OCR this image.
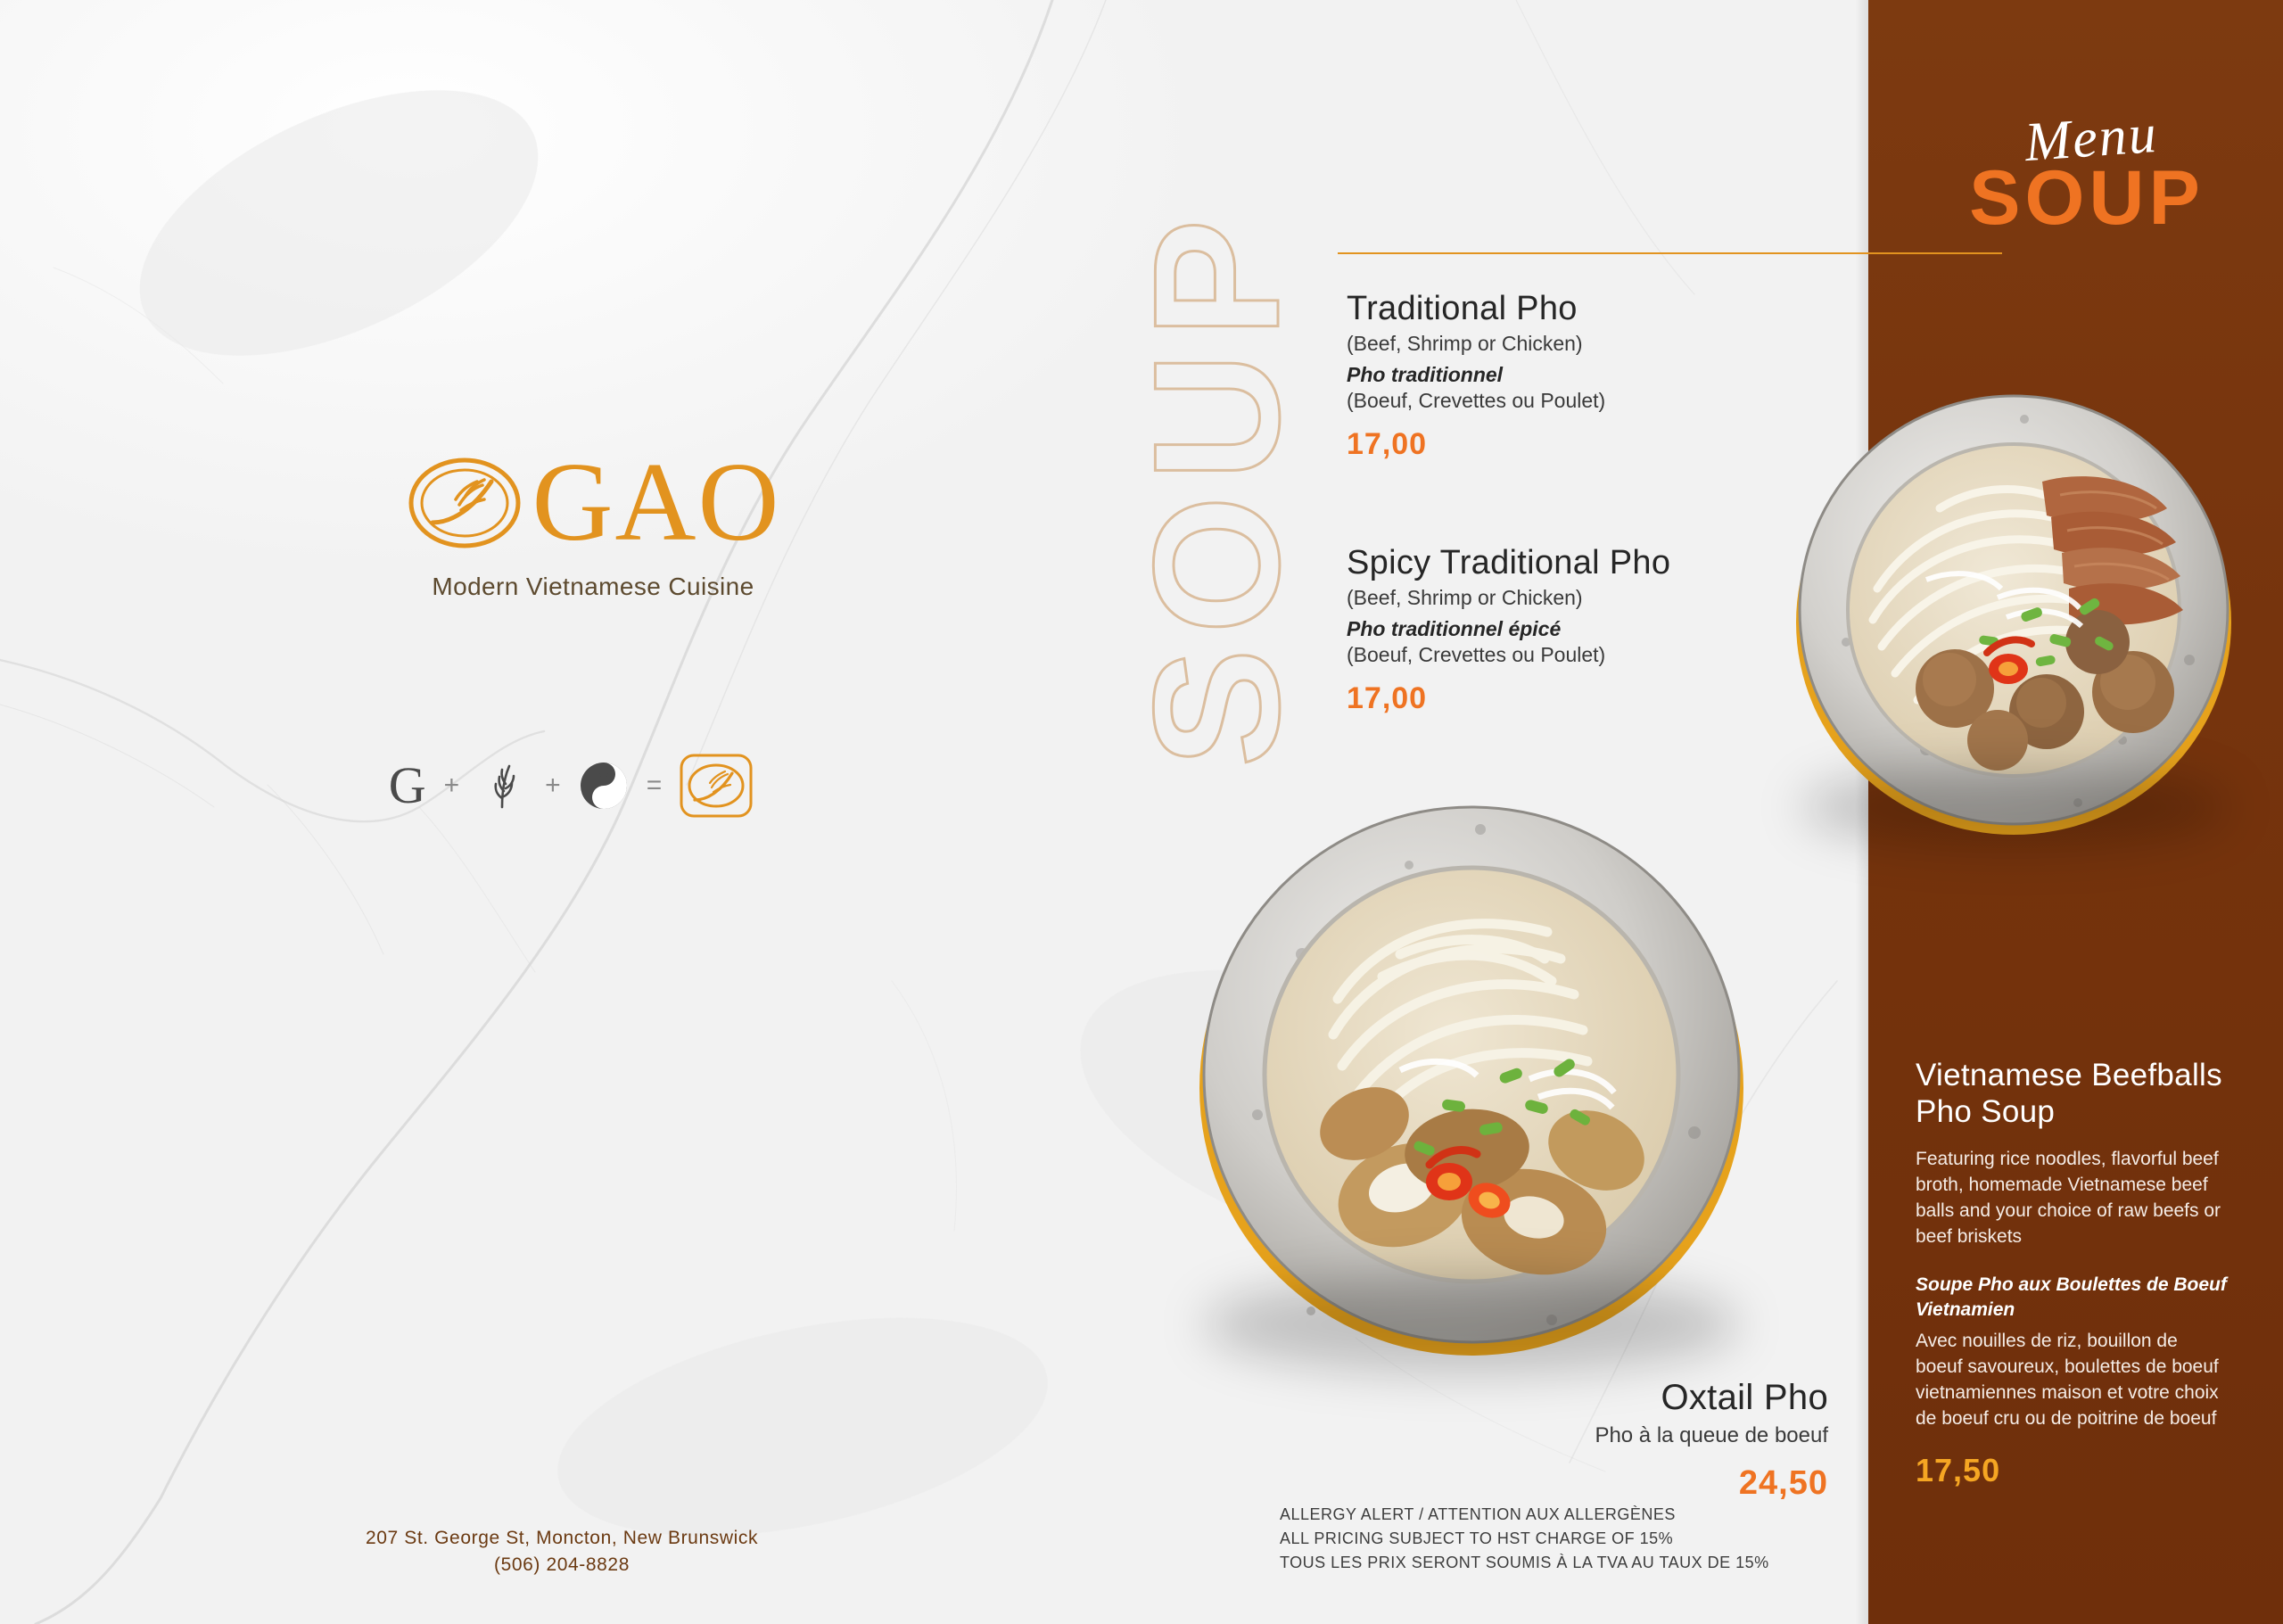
SOUP
Menu
SOUP
GAO
Modern Vietnamese Cuisine
G +	+	=
207 St. George St, Moncton, New Brunswick
(506) 204-8828
Traditional Pho
(Beef, Shrimp or Chicken)
Pho traditionnel
(Boeuf, Crevettes ou Poulet)
17,00
Spicy Traditional Pho
(Beef, Shrimp or Chicken)
Pho traditionnel épicé
(Boeuf, Crevettes ou Poulet)
17,00
Oxtail Pho
Pho à la queue de boeuf
24,50
ALLERGY ALERT / ATTENTION AUX ALLERGÈNES
ALL PRICING SUBJECT TO HST CHARGE OF 15%
TOUS LES PRIX SERONT SOUMIS À LA TVA AU TAUX DE 15%
Vietnamese Beefballs Pho Soup
Featuring rice noodles, flavorful beef broth, homemade Vietnamese beef balls and your choice of raw beefs or beef briskets
Soupe Pho aux Boulettes de Boeuf Vietnamien
Avec nouilles de riz, bouillon de boeuf savoureux, boulettes de boeuf vietnamiennes maison et votre choix de boeuf cru ou de poitrine de boeuf
17,50
